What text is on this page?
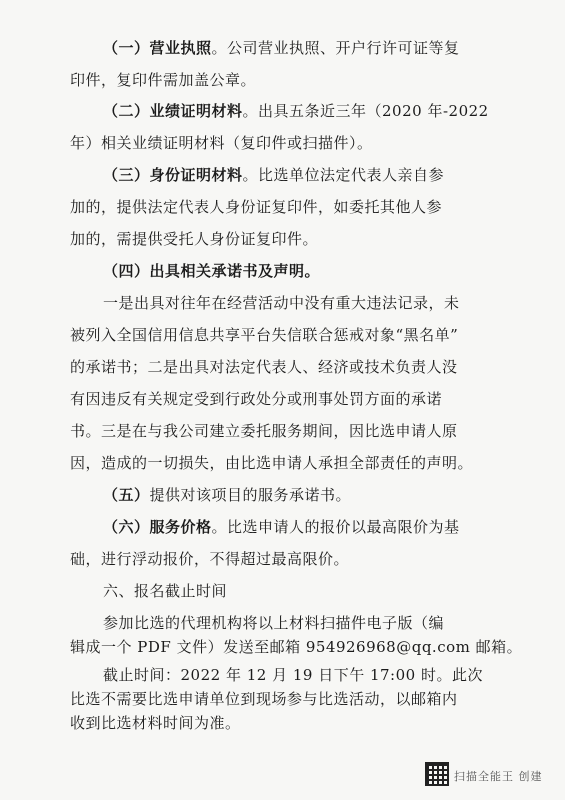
（一）营业执照。公司营业执照、开户行许可证等复
印件，复印件需加盖公章。
（二）业绩证明材料。出具五条近三年（2020 年-2022
年）相关业绩证明材料（复印件或扫描件）。
（三）身份证明材料。比选单位法定代表人亲自参
加的，提供法定代表人身份证复印件，如委托其他人参
加的，需提供受托人身份证复印件。
（四）出具相关承诺书及声明。
一是出具对往年在经营活动中没有重大违法记录，未
被列入全国信用信息共享平台失信联合惩戒对象“黑名单”
的承诺书；二是出具对法定代表人、经济或技术负责人没
有因违反有关规定受到行政处分或刑事处罚方面的承诺
书。三是在与我公司建立委托服务期间，因比选申请人原
因，造成的一切损失，由比选申请人承担全部责任的声明。
（五）提供对该项目的服务承诺书。
（六）服务价格。比选申请人的报价以最高限价为基
础，进行浮动报价，不得超过最高限价。
六、报名截止时间
参加比选的代理机构将以上材料扫描件电子版（编
辑成一个 PDF 文件）发送至邮箱 954926968@qq.com 邮箱。
截止时间：2022 年 12 月 19 日下午 17:00 时。此次
比选不需要比选申请单位到现场参与比选活动，以邮箱内
收到比选材料时间为准。
扫描全能王 创建
